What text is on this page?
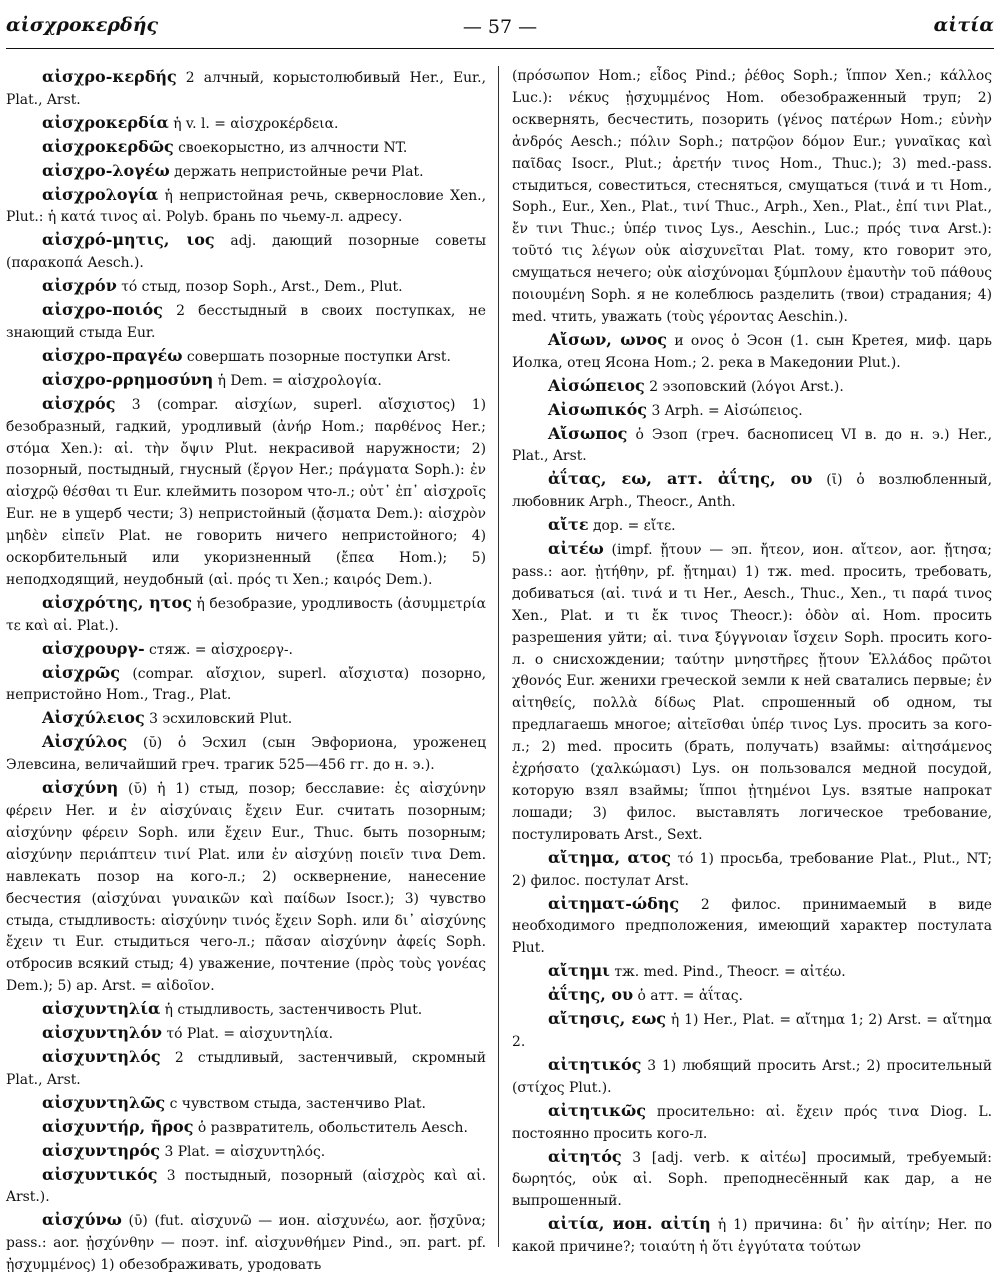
αἰσχροκερδής	— 57 —	αἰτία

αἰσχρο-κερδής 2 алчный, корыстолюбивый Her., Eur., Plat., Arst.

αἰσχροκερδία ἡ v. l. = αἰσχροκέρδεια.

αἰσχροκερδῶς своекорыстно, из алчности NT.

αἰσχρο-λογέω держать непристойные речи Plat.

αἰσχρολογία ἡ непристойная речь, сквернословие Xen., Plut.: ἡ κατά τινος αἰ. Polyb. брань по чьему-л. адресу.

αἰσχρό-μητις, ιος adj. дающий позорные советы (παρακοπά Aesch.).

αἰσχρόν τό стыд, позор Soph., Arst., Dem., Plut.

αἰσχρο-ποιός 2 бесстыдный в своих поступках, не знающий стыда Eur.

αἰσχρο-πραγέω совершать позорные поступки Arst.

αἰσχρο-ρρημοσύνη ἡ Dem. = αἰσχρολογία.

αἰσχρός 3 (compar. αἰσχίων, superl. αἴσχιστος) 1) безобразный, гадкий, уродливый (ἀνήρ Hom.; παρθένος Her.; στόμα Xen.): αἰ. τὴν ὄψιν Plut. некрасивой наружности; 2) позорный, постыдный, гнусный (ἔργον Her.; πράγματα Soph.): ἐν αἰσχρῷ θέσθαι τι Eur. клеймить позором что-л.; οὐτ᾿ ἐπ᾿ αἰσχροῖς Eur. не в ущерб чести; 3) непристойный (ᾄσματα Dem.): αἰσχρὸν μηδὲν εἰπεῖν Plat. не говорить ничего непристойного; 4) оскорбительный или укоризненный (ἔπεα Hom.); 5) неподходящий, неудобный (αἰ. πρός τι Xen.; καιρός Dem.).

αἰσχρότης, ητος ἡ безобразие, уродливость (ἀσυμμετρία τε καὶ αἰ. Plat.).

αἰσχρουργ- стяж. = αἰσχροεργ-.

αἰσχρῶς (compar. αἴσχιον, superl. αἴσχιστα) позорно, непристойно Hom., Trag., Plat.

Αἰσχύλειος 3 эсхиловский Plut.

Αἰσχύλος (ῠ) ὁ Эсхил (сын Эвфориона, уроженец Элевсина, величайший греч. трагик 525—456 гг. до н. э.).

αἰσχύνη (ῠ) ἡ 1) стыд, позор; бесславие: ἐς αἰσχύνην φέρειν Her. и ἐν αἰσχύναις ἔχειν Eur. считать позорным; αἰσχύνην φέρειν Soph. или ἔχειν Eur., Thuc. быть позорным; αἰσχύνην περιάπτειν τινί Plat. или ἐν αἰσχύνῃ ποιεῖν τινα Dem. навлекать позор на кого-л.; 2) осквернение, нанесение бесчестия (αἰσχύναι γυναικῶν καὶ παίδων Isocr.); 3) чувство стыда, стыдливость: αἰσχύνην τινός ἔχειν Soph. или δι᾿ αἰσχύνης ἔχειν τι Eur. стыдиться чего-л.; πᾶσαν αἰσχύνην ἀφείς Soph. отбросив всякий стыд; 4) уважение, почтение (πρὸς τοὺς γονέας Dem.); 5) ap. Arst. = αἰδοῖον.

αἰσχυντηλία ἡ стыдливость, застенчивость Plut.

αἰσχυντηλόν τό Plat. = αἰσχυντηλία.

αἰσχυντηλός 2 стыдливый, застенчивый, скромный Plat., Arst.

αἰσχυντηλῶς с чувством стыда, застенчиво Plat.

αἰσχυντήρ, ῆρος ὁ развратитель, обольститель Aesch.

αἰσχυντηρός 3 Plat. = αἰσχυντηλός.

αἰσχυντικός 3 постыдный, позорный (αἰσχρὸς καὶ αἰ. Arst.).

αἰσχύνω (ῡ) (fut. αἰσχυνῶ — ион. αἰσχυνέω, aor. ᾔσχῡνα; pass.: aor. ᾐσχύνθην — поэт. inf. αἰσχυνθήμεν Pind., эп. part. pf. ᾐσχυμμένος) 1) обезображивать, уродовать

(πρόσωπον Hom.; εἶδος Pind.; ῥέθος Soph.; ἵππον Xen.; κάλλος Luc.): νέκυς ᾐσχυμμένος Hom. обезображенный труп; 2) осквернять, бесчестить, позорить (γένος πατέρων Hom.; εὐνὴν ἀνδρός Aesch.; πόλιν Soph.; πατρῷον δόμον Eur.; γυναῖκας καὶ παῖδας Isocr., Plut.; ἀρετήν τινος Hom., Thuc.); 3) med.-pass. стыдиться, совеститься, стесняться, смущаться (τινά и τι Hom., Soph., Eur., Xen., Plat., τινί Thuc., Arph., Xen., Plat., ἐπί τινι Plat., ἔν τινι Thuc.; ὑπέρ τινος Lys., Aeschin., Luc.; πρός τινα Arst.): τοῦτό τις λέγων οὐκ αἰσχυνεῖται Plat. тому, кто говорит это, смущаться нечего; οὐκ αἰσχύνομαι ξύμπλουν ἐμαυτὴν τοῦ πάθους ποιουμένη Soph. я не колеблюсь разделить (твои) страдания; 4) med. чтить, уважать (τοὺς γέροντας Aeschin.).

Αἴσων, ωνος и ονος ὁ Эсон (1. сын Кретея, миф. царь Иолка, отец Ясона Hom.; 2. река в Македонии Plut.).

Αἰσώπειος 2 эзоповский (λόγοι Arst.).

Αἰσωπικός 3 Arph. = Αἰσώπειος.

Αἴσωπος ὁ Эзоп (греч. баснописец VI в. до н. э.) Her., Plat., Arst.

ἀΐτας, εω, атт. ἀΐτης, ου (ῑ) ὁ возлюбленный, любовник Arph., Theocr., Anth.

αἴτε дор. = εἴτε.

αἰτέω (impf. ᾔτουν — эп. ἤτεον, ион. αἴτεον, aor. ᾔτησα; pass.: aor. ᾐτήθην, pf. ᾔτημαι) 1) тж. med. просить, требовать, добиваться (αἰ. τινά и τι Her., Aesch., Thuc., Xen., τι παρά τινος Xen., Plat. и τι ἔκ τινος Theocr.): ὁδὸν αἰ. Hom. просить разрешения уйти; αἰ. τινα ξύγγνοιαν ἴσχειν Soph. просить кого-л. о снисхождении; ταύτην μνηστῆρες ᾔτουν Ἑλλάδος πρῶτοι χθονός Eur. женихи греческой земли к ней сватались первые; ἐν αἰτηθείς, πολλὰ δίδως Plat. спрошенный об одном, ты предлагаешь многое; αἰτεῖσθαι ὑπέρ τινος Lys. просить за кого-л.; 2) med. просить (брать, получать) взаймы: αἰτησάμενος ἐχρήσατο (χαλκώμασι) Lys. он пользовался медной посудой, которую взял взаймы; ἵπποι ᾐτημένοι Lys. взятые напрокат лошади; 3) филос. выставлять логическое требование, постулировать Arst., Sext.

αἴτημα, ατος τό 1) просьба, требование Plat., Plut., NT; 2) филос. постулат Arst.

αἰτηματ-ώδης 2 филос. принимаемый в виде необходимого предположения, имеющий характер постулата Plut.

αἴτημι тж. med. Pind., Theocr. = αἰτέω.

ἀΐτης, ου ὁ атт. = ἀΐτας.

αἴτησις, εως ἡ 1) Her., Plat. = αἴτημα 1; 2) Arst. = αἴτημα 2.

αἰτητικός 3 1) любящий просить Arst.; 2) просительный (στίχος Plut.).

αἰτητικῶς просительно: αἰ. ἔχειν πρός τινα Diog. L. постоянно просить кого-л.

αἰτητός 3 [adj. verb. к αἰτέω] просимый, требуемый: δωρητός, οὐκ αἰ. Soph. преподнесённый как дар, а не выпрошенный.

αἰτία, ион. αἰτίη ἡ 1) причина: δι᾿ ἣν αἰτίην; Her. по какой причине?; τοιαύτη ἡ ὅτι ἐγγύτατα τούτων
